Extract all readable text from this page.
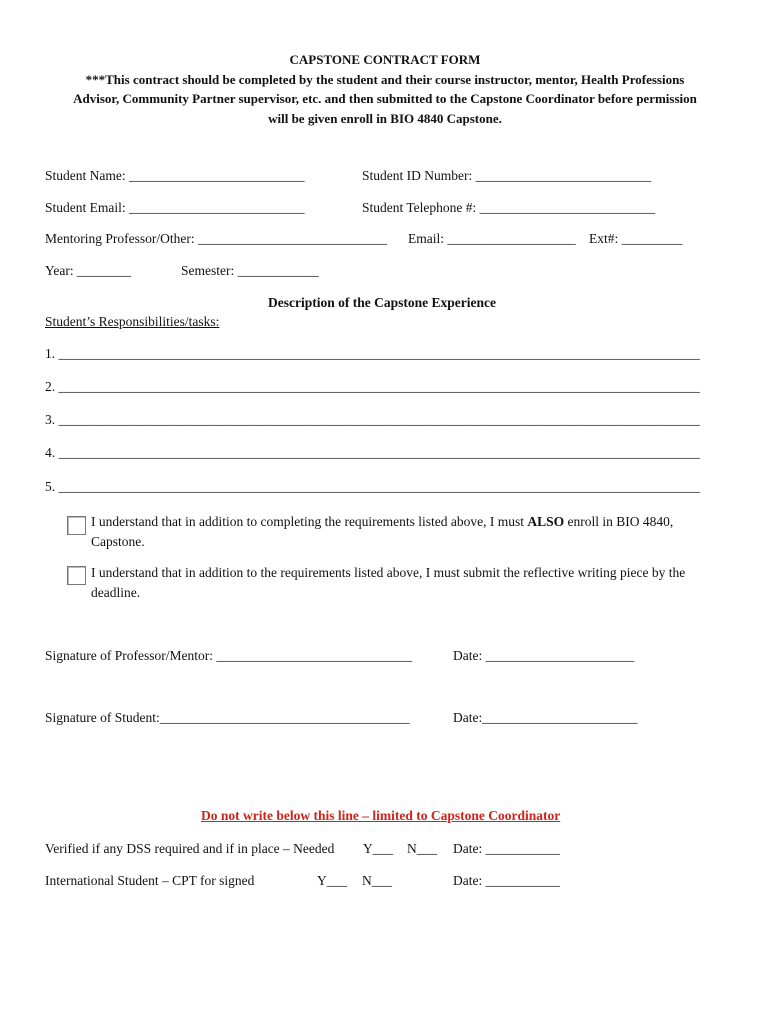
CAPSTONE CONTRACT FORM
***This contract should be completed by the student and their course instructor, mentor, Health Professions
Advisor, Community Partner supervisor, etc. and then submitted to the Capstone Coordinator before permission
will be given enroll in BIO 4840 Capstone.
Student Name: __________________________	Student ID Number: __________________________
Student Email: __________________________	Student Telephone #: __________________________
Mentoring Professor/Other: ____________________________ Email: ___________________ Ext#: _________
Year: ________	Semester: ____________
Description of the Capstone Experience
Student’s Responsibilities/tasks:
1. _______________________________________________________________________________________________
2. _______________________________________________________________________________________________
3. _______________________________________________________________________________________________
4. _______________________________________________________________________________________________
5. _______________________________________________________________________________________________
I understand that in addition to completing the requirements listed above, I must ALSO enroll in BIO 4840, Capstone.
I understand that in addition to the requirements listed above, I must submit the reflective writing piece by the deadline.
Signature of Professor/Mentor: _____________________________	Date: ______________________
Signature of Student:_____________________________________	Date:_______________________
Do not write below this line – limited to Capstone Coordinator
Verified if any DSS required and if in place – Needed Y___ N___ Date: ___________
International Student – CPT for signed	Y___ N___	Date: ___________
